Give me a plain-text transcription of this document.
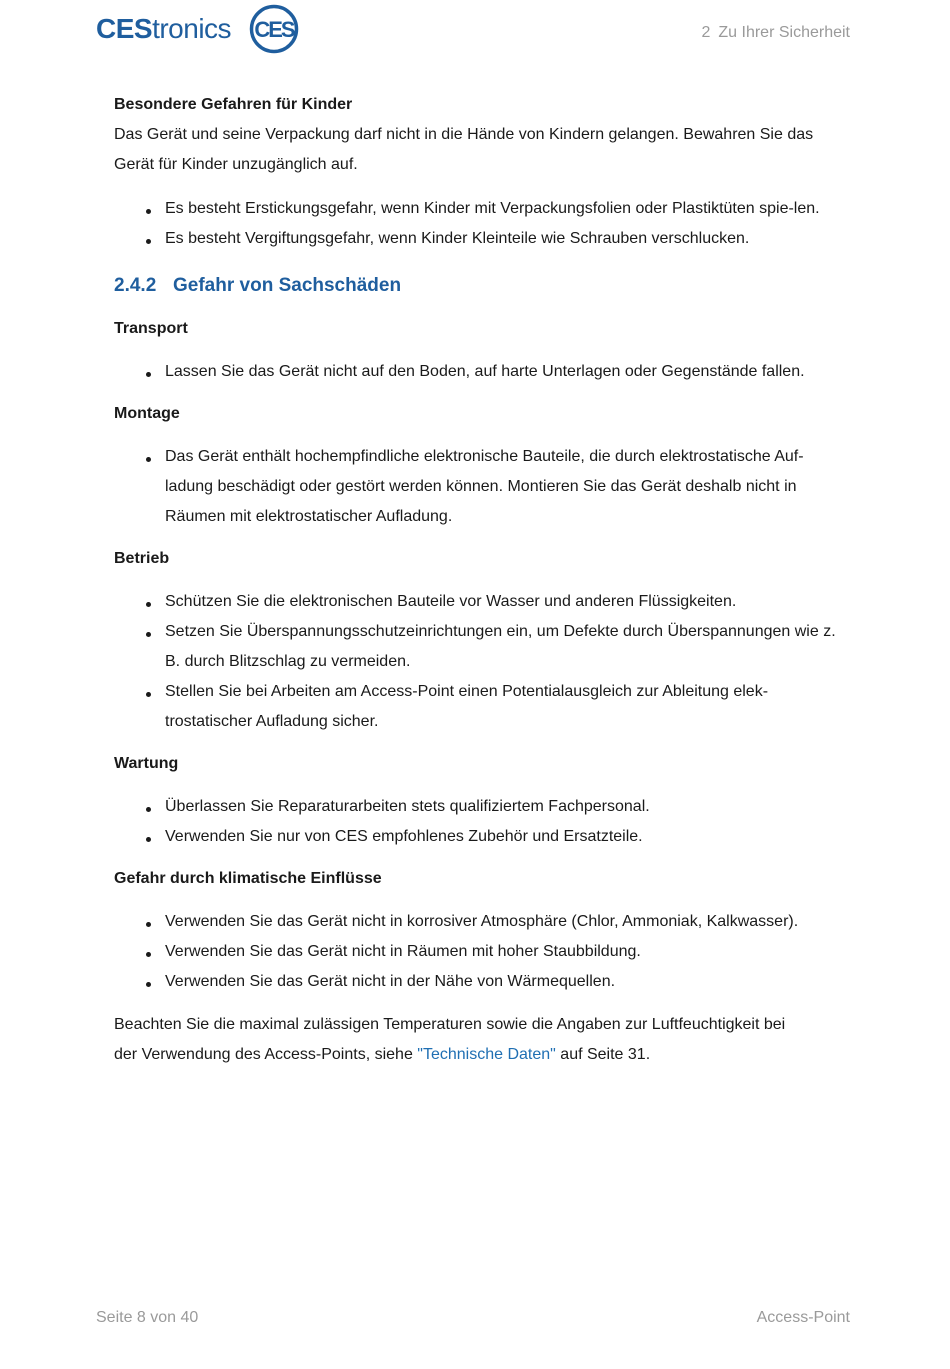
CEStronics CES	2 Zu Ihrer Sicherheit

Besondere Gefahren für Kinder

Das Gerät und seine Verpackung darf nicht in die Hände von Kindern gelangen. Bewahren Sie das
Gerät für Kinder unzugänglich auf.

Es besteht Erstickungsgefahr, wenn Kinder mit Verpackungsfolien oder Plastiktüten spie-len.
Es besteht Vergiftungsgefahr, wenn Kinder Kleinteile wie Schrauben verschlucken.
2.4.2 Gefahr von Sachschäden

Transport

Lassen Sie das Gerät nicht auf den Boden, auf harte Unterlagen oder Gegenstände fallen.

Montage

Das Gerät enthält hochempfindliche elektronische Bauteile, die durch elektrostatische Auf-ladung beschädigt oder gestört werden können. Montieren Sie das Gerät deshalb nicht in Räumen mit elektrostatischer Aufladung.

Betrieb

Schützen Sie die elektronischen Bauteile vor Wasser und anderen Flüssigkeiten.
Setzen Sie Überspannungsschutzeinrichtungen ein, um Defekte durch Überspannungen wie z. B. durch Blitzschlag zu vermeiden.
Stellen Sie bei Arbeiten am Access-Point einen Potentialausgleich zur Ableitung elek-trostatischer Aufladung sicher.

Wartung

Überlassen Sie Reparaturarbeiten stets qualifiziertem Fachpersonal.
Verwenden Sie nur von CES empfohlenes Zubehör und Ersatzteile.

Gefahr durch klimatische Einflüsse

Verwenden Sie das Gerät nicht in korrosiver Atmosphäre (Chlor, Ammoniak, Kalkwasser).
Verwenden Sie das Gerät nicht in Räumen mit hoher Staubbildung.
Verwenden Sie das Gerät nicht in der Nähe von Wärmequellen.

Beachten Sie die maximal zulässigen Temperaturen sowie die Angaben zur Luftfeuchtigkeit bei
der Verwendung des Access-Points, siehe "Technische Daten" auf Seite 31.

Seite 8 von 40	Access-Point
